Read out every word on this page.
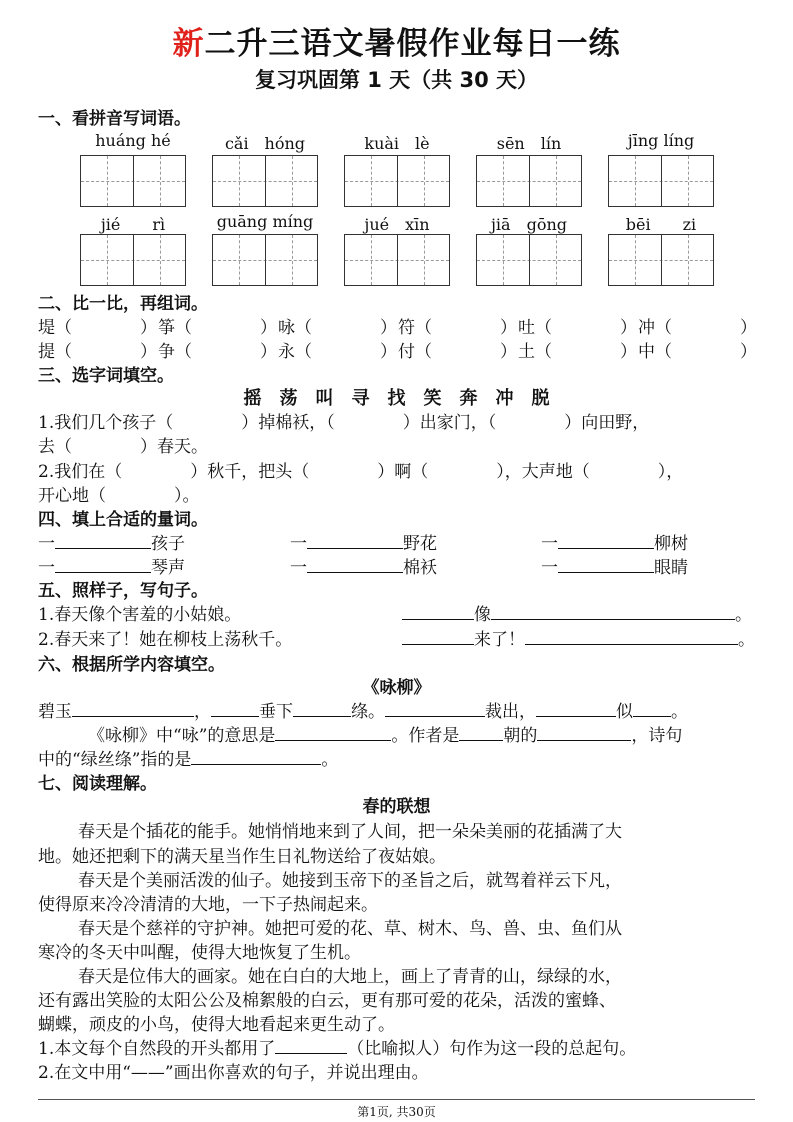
新二升三语文暑假作业每日一练
复习巩固第 1 天（共 30 天）
一、看拼音写词语。
huáng hé	cǎi　hóng	kuài　lè	sēn　lín	jīng líng
jié　　rì	guāng míng	jué　xīn	jiā　gōng	bēi　　zi
二、比一比，再组词。
堤（　　　　） 筝（　　　　） 咏（　　　　） 符（　　　　） 吐（　　　　） 冲（　　　　）
提（　　　　） 争（　　　　） 永（　　　　） 付（　　　　） 土（　　　　） 中（　　　　）
三、选字词填空。
摇　荡　叫　寻　找　笑　奔　冲　脱
1.我们几个孩子（　　　　）掉棉袄，（　　　　）出家门，（　　　　）向田野，
去（　　　　）春天。
2.我们在（　　　　）秋千，把头（　　　　）啊（　　　　），大声地（　　　　），
开心地（　　　　）。
四、填上合适的量词。
一	孩子	一	野花	一	柳树
一	琴声	一	棉袄	一	眼睛
五、照样子，写句子。
1.春天像个害羞的小姑娘。	像	。
2.春天来了！她在柳枝上荡秋千。	来了！	。
六、根据所学内容填空。
《咏柳》
碧玉	，	垂下	绦。	裁出，	似 。
《咏柳》中“咏”的意思是	。作者是	朝的	，诗句
中的“绿丝绦”指的是	。
七、阅读理解。
春的联想
春天是个插花的能手。她悄悄地来到了人间，把一朵朵美丽的花插满了大
地。她还把剩下的满天星当作生日礼物送给了夜姑娘。
春天是个美丽活泼的仙子。她接到玉帝下的圣旨之后，就驾着祥云下凡，
使得原来冷冷清清的大地，一下子热闹起来。
春天是个慈祥的守护神。她把可爱的花、草、树木、鸟、兽、虫、鱼们从
寒冷的冬天中叫醒，使得大地恢复了生机。
春天是位伟大的画家。她在白白的大地上，画上了青青的山，绿绿的水，
还有露出笑脸的太阳公公及棉絮般的白云，更有那可爱的花朵，活泼的蜜蜂、
蝴蝶，顽皮的小鸟，使得大地看起来更生动了。
1.本文每个自然段的开头都用了	（比喻拟人）句作为这一段的总起句。
2.在文中用“——”画出你喜欢的句子，并说出理由。
第1页, 共30页
